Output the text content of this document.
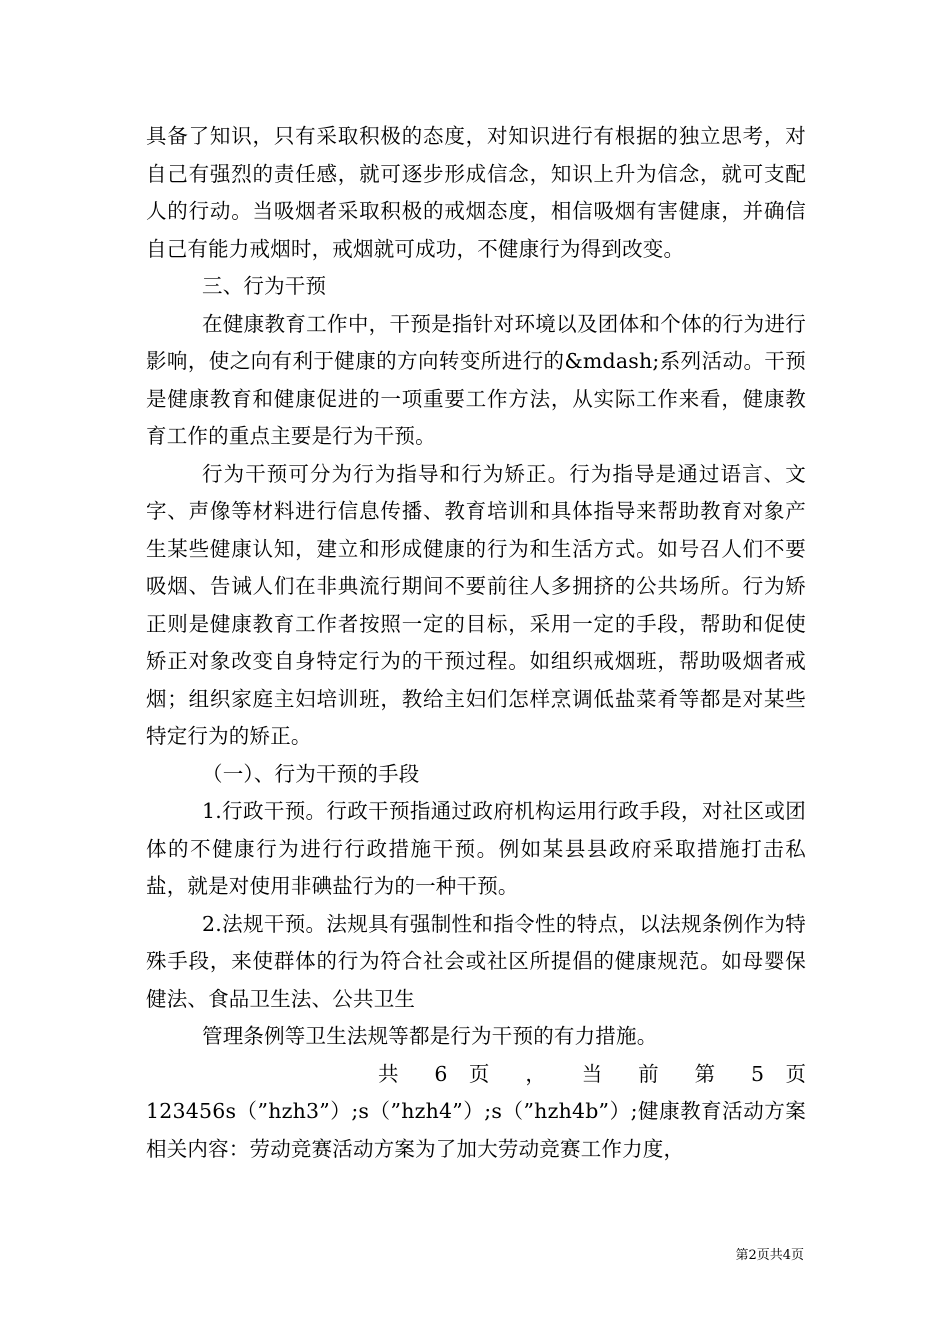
具备了知识，只有采取积极的态度，对知识进行有根据的独立思考，对自己有强烈的责任感，就可逐步形成信念，知识上升为信念，就可支配人的行动。当吸烟者采取积极的戒烟态度，相信吸烟有害健康，并确信自己有能力戒烟时，戒烟就可成功，不健康行为得到改变。

三、行为干预

在健康教育工作中，干预是指针对环境以及团体和个体的行为进行影响，使之向有利于健康的方向转变所进行的&mdash;系列活动。干预是健康教育和健康促进的一项重要工作方法，从实际工作来看，健康教育工作的重点主要是行为干预。

行为干预可分为行为指导和行为矫正。行为指导是通过语言、文字、声像等材料进行信息传播、教育培训和具体指导来帮助教育对象产生某些健康认知，建立和形成健康的行为和生活方式。如号召人们不要吸烟、告诫人们在非典流行期间不要前往人多拥挤的公共场所。行为矫正则是健康教育工作者按照一定的目标，采用一定的手段，帮助和促使矫正对象改变自身特定行为的干预过程。如组织戒烟班，帮助吸烟者戒烟；组织家庭主妇培训班，教给主妇们怎样烹调低盐菜肴等都是对某些特定行为的矫正。

（一）、行为干预的手段

1.行政干预。行政干预指通过政府机构运用行政手段，对社区或团体的不健康行为进行行政措施干预。例如某县县政府采取措施打击私盐，就是对使用非碘盐行为的一种干预。

2.法规干预。法规具有强制性和指令性的特点，以法规条例作为特殊手段，来使群体的行为符合社会或社区所提倡的健康规范。如母婴保健法、食品卫生法、公共卫生

管理条例等卫生法规等都是行为干预的有力措施。

共 6 页 ， 当 前 第 5 页

123456s（”hzh3”）;s（”hzh4”）;s（”hzh4b”）;健康教育活动方案相关内容：劳动竞赛活动方案为了加大劳动竞赛工作力度，

第2页共4页
